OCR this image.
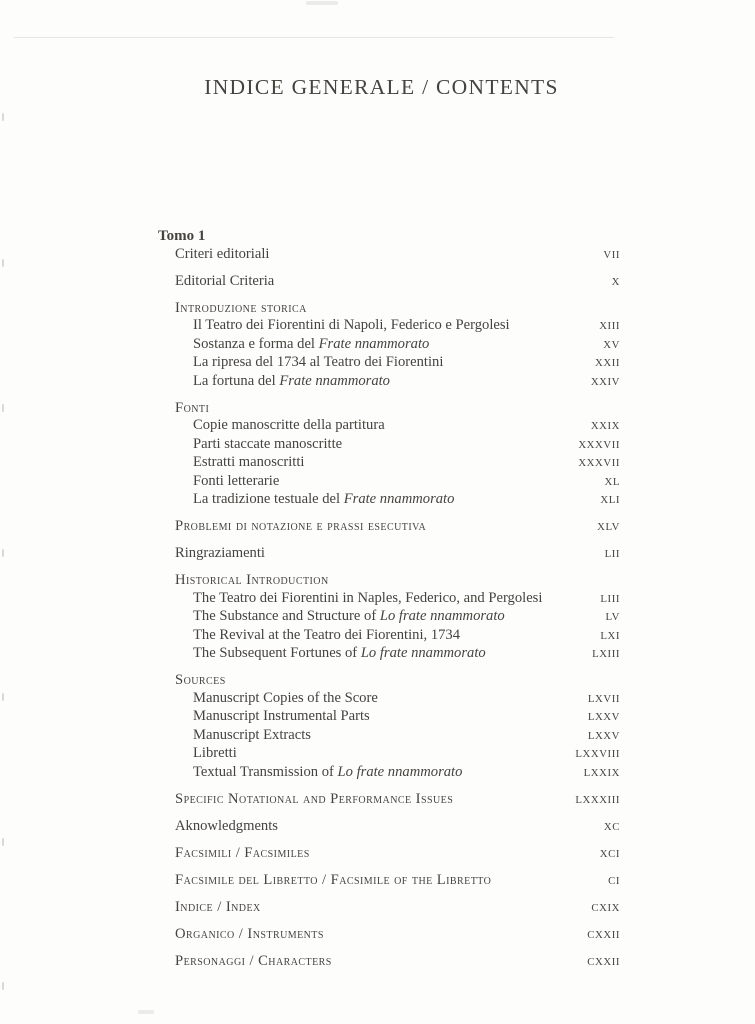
INDICE GENERALE / CONTENTS
Tomo 1
Criteri editoriali	VII
Editorial Criteria	X
Introduzione storica
Il Teatro dei Fiorentini di Napoli, Federico e Pergolesi	XIII
Sostanza e forma del Frate nnammorato	XV
La ripresa del 1734 al Teatro dei Fiorentini	XXII
La fortuna del Frate nnammorato	XXIV
Fonti
Copie manoscritte della partitura	XXIX
Parti staccate manoscritte	XXXVII
Estratti manoscritti	XXXVII
Fonti letterarie	XL
La tradizione testuale del Frate nnammorato	XLI
Problemi di notazione e prassi esecutiva	XLV
Ringraziamenti	LII
Historical Introduction
The Teatro dei Fiorentini in Naples, Federico, and Pergolesi	LIII
The Substance and Structure of Lo frate nnammorato	LV
The Revival at the Teatro dei Fiorentini, 1734	LXI
The Subsequent Fortunes of Lo frate nnammorato	LXIII
Sources
Manuscript Copies of the Score	LXVII
Manuscript Instrumental Parts	LXXV
Manuscript Extracts	LXXV
Libretti	LXXVIII
Textual Transmission of Lo frate nnammorato	LXXIX
Specific Notational and Performance Issues	LXXXIII
Aknowledgments	XC
Facsimili / Facsimiles	XCI
Facsimile del Libretto / Facsimile of the Libretto	CI
Indice / Index	CXIX
Organico / Instruments	CXXII
Personaggi / Characters	CXXII
